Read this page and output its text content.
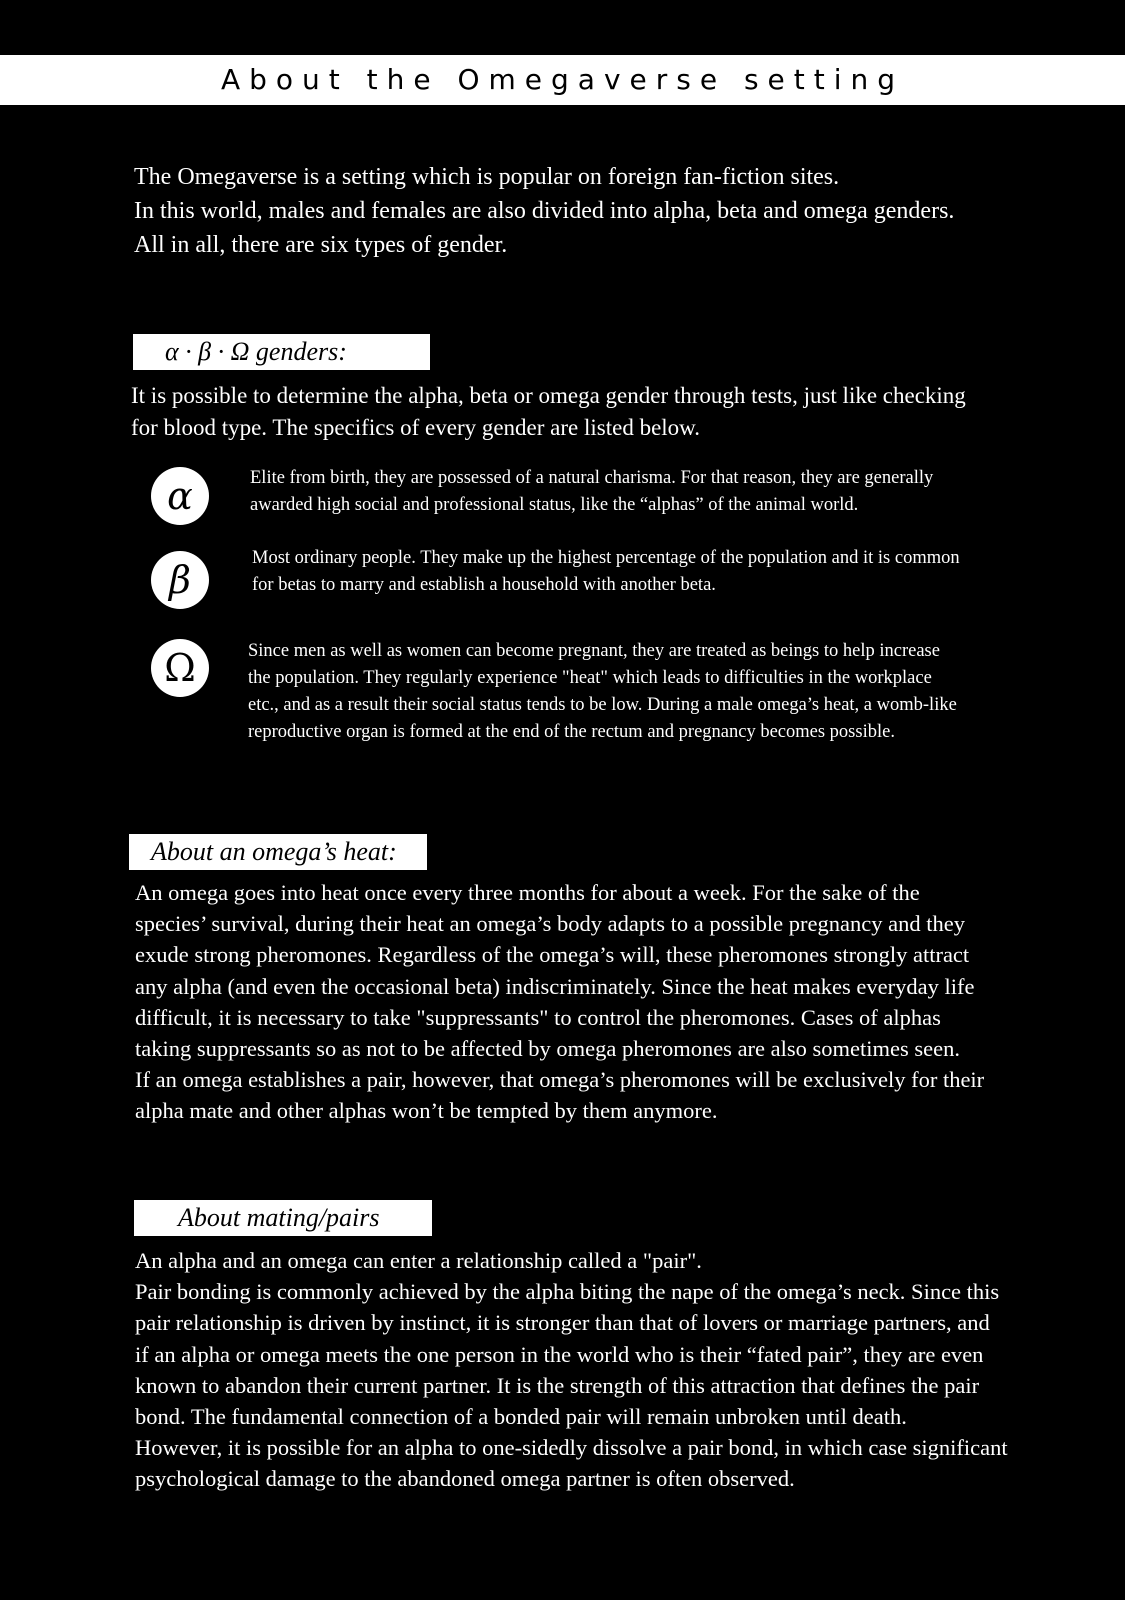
About the Omegaverse setting
The Omegaverse is a setting which is popular on foreign fan-fiction sites.
In this world, males and females are also divided into alpha, beta and omega genders.
All in all, there are six types of gender.
α · β · Ω genders:
It is possible to determine the alpha, beta or omega gender through tests, just like checking
for blood type. The specifics of every gender are listed below.
α	Elite from birth, they are possessed of a natural charisma. For that reason, they are generally
awarded high social and professional status, like the “alphas” of the animal world.
β	Most ordinary people. They make up the highest percentage of the population and it is common
for betas to marry and establish a household with another beta.
Ω	Since men as well as women can become pregnant, they are treated as beings to help increase
the population. They regularly experience "heat" which leads to difficulties in the workplace
etc., and as a result their social status tends to be low. During a male omega’s heat, a womb-like
reproductive organ is formed at the end of the rectum and pregnancy becomes possible.
About an omega’s heat:
An omega goes into heat once every three months for about a week. For the sake of the
species’ survival, during their heat an omega’s body adapts to a possible pregnancy and they
exude strong pheromones. Regardless of the omega’s will, these pheromones strongly attract
any alpha (and even the occasional beta) indiscriminately. Since the heat makes everyday life
difficult, it is necessary to take "suppressants" to control the pheromones. Cases of alphas
taking suppressants so as not to be affected by omega pheromones are also sometimes seen.
If an omega establishes a pair, however, that omega’s pheromones will be exclusively for their
alpha mate and other alphas won’t be tempted by them anymore.
About mating/pairs
An alpha and an omega can enter a relationship called a "pair".
Pair bonding is commonly achieved by the alpha biting the nape of the omega’s neck. Since this
pair relationship is driven by instinct, it is stronger than that of lovers or marriage partners, and
if an alpha or omega meets the one person in the world who is their “fated pair”, they are even
known to abandon their current partner. It is the strength of this attraction that defines the pair
bond. The fundamental connection of a bonded pair will remain unbroken until death.
However, it is possible for an alpha to one-sidedly dissolve a pair bond, in which case significant
psychological damage to the abandoned omega partner is often observed.
